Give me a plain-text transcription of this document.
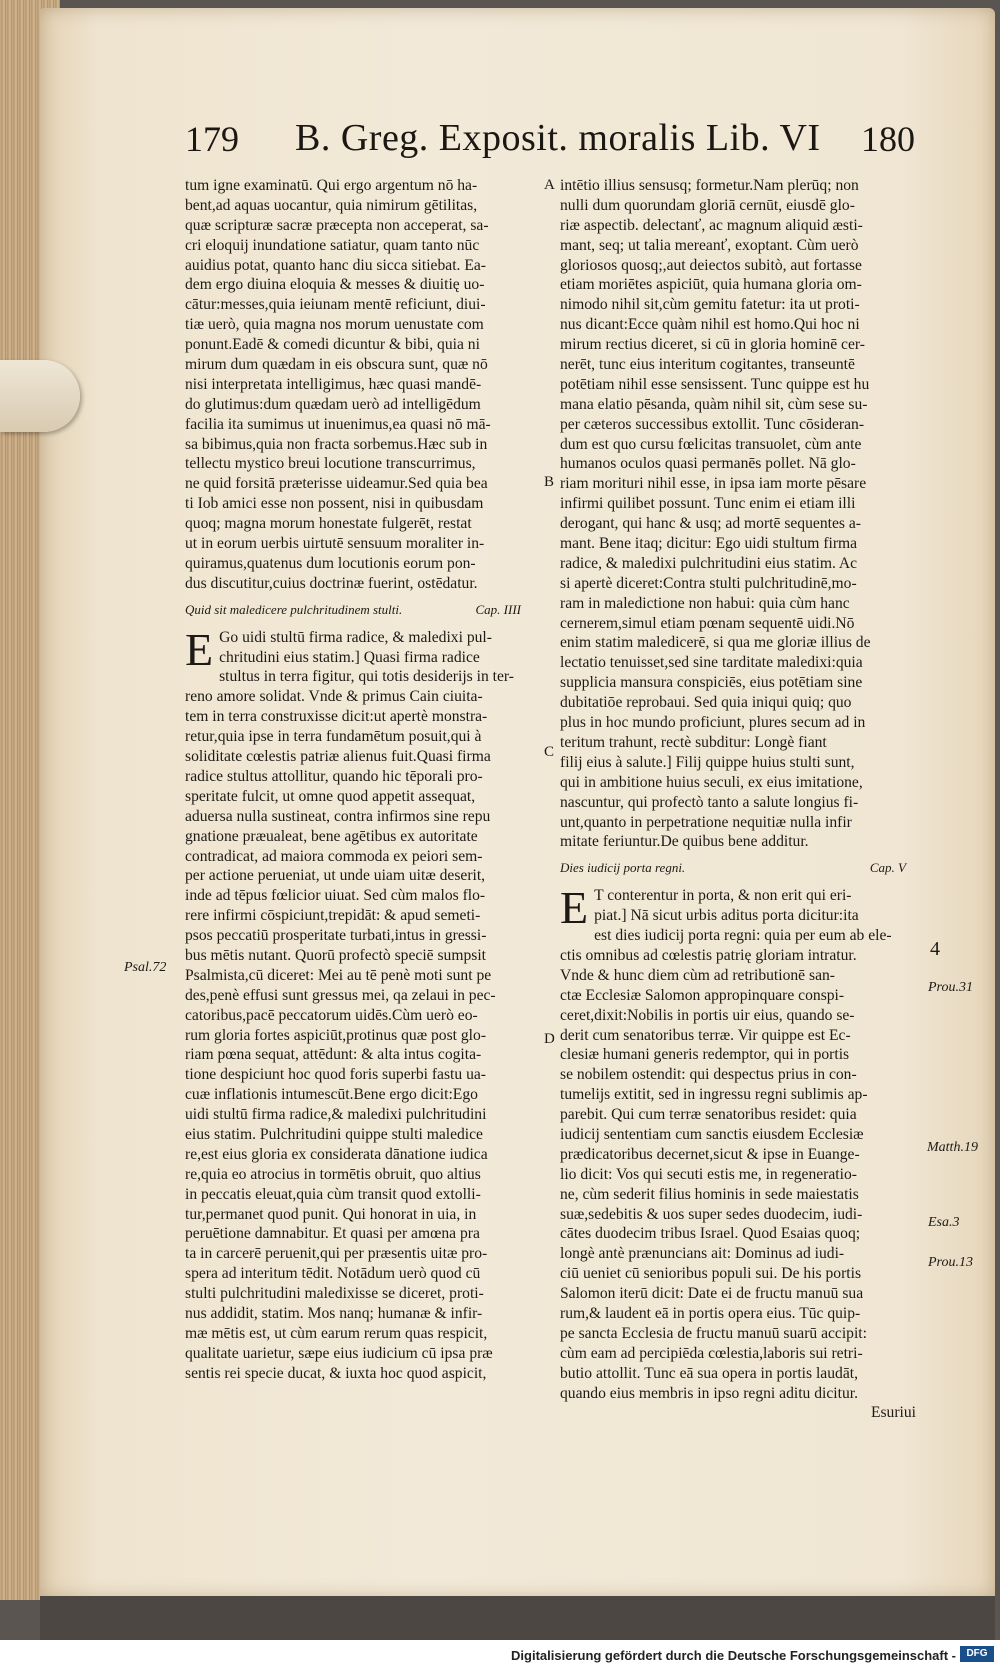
179 B. Greg. Exposit. moralis Lib. VI 180
tum igne examinatū. Qui ergo argentum nō ha-
bent,ad aquas uocantur, quia nimirum gētilitas,
quæ scripturæ sacræ præcepta non acceperat, sa-
cri eloquij inundatione satiatur, quam tanto nūc
auidius potat, quanto hanc diu sicca sitiebat. Ea-
dem ergo diuina eloquia & messes & diuitię uo-
cātur:messes,quia ieiunam mentē reficiunt, diui-
tiæ uerò, quia magna nos morum uenustate com
ponunt.Eadē & comedi dicuntur & bibi, quia ni
mirum dum quædam in eis obscura sunt, quæ nō
nisi interpretata intelligimus, hæc quasi mandē-
do glutimus:dum quædam uerò ad intelligēdum
facilia ita sumimus ut inuenimus,ea quasi nō mā-
sa bibimus,quia non fracta sorbemus.Hæc sub in
tellectu mystico breui locutione transcurrimus,
ne quid forsitā præterisse uideamur.Sed quia bea
ti Iob amici esse non possent, nisi in quibusdam
quoq; magna morum honestate fulgerēt, restat
ut in eorum uerbis uirtutē sensuum moraliter in-
quiramus,quatenus dum locutionis eorum pon-
dus discutitur,cuius doctrinæ fuerint, ostēdatur.
Quid sit maledicere pulchritudinem stulti.	Cap. IIII
E Go uidi stultū firma radice, & maledixi pul-
chritudini eius statim.] Quasi firma radice
stultus in terra figitur, qui totis desiderijs in ter-
reno amore solidat. Vnde & primus Cain ciuita-
tem in terra construxisse dicit:ut apertè monstra-
retur,quia ipse in terra fundamētum posuit,qui à
soliditate cœlestis patriæ alienus fuit.Quasi firma
radice stultus attollitur, quando hic tēporali pro-
speritate fulcit, ut omne quod appetit assequat,
aduersa nulla sustineat, contra infirmos sine repu
gnatione præualeat, bene agētibus ex autoritate
contradicat, ad maiora commoda ex peiori sem-
per actione perueniat, ut unde uiam uitæ deserit,
inde ad tēpus fœlicior uiuat. Sed cùm malos flo-
rere infirmi cōspiciunt,trepidāt: & apud semeti-
psos peccatiū prosperitate turbati,intus in gressi-
bus mētis nutant. Quorū profectò speciē sumpsit
Psalmista,cū diceret: Mei au tē penè moti sunt pe
des,penè effusi sunt gressus mei, qa zelaui in pec-
catoribus,pacē peccatorum uidēs.Cùm uerò eo-
rum gloria fortes aspiciūt,protinus quæ post glo-
riam pœna sequat, attēdunt: & alta intus cogita-
tione despiciunt hoc quod foris superbi fastu ua-
cuæ inflationis intumescūt.Bene ergo dicit:Ego
uidi stultū firma radice,& maledixi pulchritudini
eius statim. Pulchritudini quippe stulti maledice
re,est eius gloria ex considerata dānatione iudica
re,quia eo atrocius in tormētis obruit, quo altius
in peccatis eleuat,quia cùm transit quod extolli-
tur,permanet quod punit. Qui honorat in uia, in
peruētione damnabitur. Et quasi per amœna pra
ta in carcerē peruenit,qui per præsentis uitæ pro-
spera ad interitum tēdit. Notādum uerò quod cū
stulti pulchritudini maledixisse se diceret, proti-
nus addidit, statim. Mos nanq; humanæ & infir-
mæ mētis est, ut cùm earum rerum quas respicit,
qualitate uarietur, sæpe eius iudicium cū ipsa præ
sentis rei specie ducat, & iuxta hoc quod aspicit,
intētio illius sensusq; formetur.Nam plerūq; non
nulli dum quorundam gloriā cernūt, eiusdē glo-
riæ aspectib. delectanť, ac magnum aliquid æsti-
mant, seq; ut talia mereanť, exoptant. Cùm uerò
gloriosos quosq;,aut deiectos subitò, aut fortasse
etiam moriētes aspiciūt, quia humana gloria om-
nimodo nihil sit,cùm gemitu fatetur: ita ut proti-
nus dicant:Ecce quàm nihil est homo.Qui hoc ni
mirum rectius diceret, si cū in gloria hominē cer-
nerēt, tunc eius interitum cogitantes, transeuntē
potētiam nihil esse sensissent. Tunc quippe est hu
mana elatio pēsanda, quàm nihil sit, cùm sese su-
per cæteros successibus extollit. Tunc cōsideran-
dum est quo cursu fœlicitas transuolet, cùm ante
humanos oculos quasi permanēs pollet. Nā glo-
riam morituri nihil esse, in ipsa iam morte pēsare
infirmi quilibet possunt. Tunc enim ei etiam illi
derogant, qui hanc & usq; ad mortē sequentes a-
mant. Bene itaq; dicitur: Ego uidi stultum firma
radice, & maledixi pulchritudini eius statim. Ac
si apertè diceret:Contra stulti pulchritudinē,mo-
ram in maledictione non habui: quia cùm hanc
cernerem,simul etiam pœnam sequentē uidi.Nō
enim statim maledicerē, si qua me gloriæ illius de
lectatio tenuisset,sed sine tarditate maledixi:quia
supplicia mansura conspiciēs, eius potētiam sine
dubitatiōe reprobaui. Sed quia iniqui quiq; quo
plus in hoc mundo proficiunt, plures secum ad in
teritum trahunt, rectè subditur: Longè fiant
filij eius à salute.] Filij quippe huius stulti sunt,
qui in ambitione huius seculi, ex eius imitatione,
nascuntur, qui profectò tanto a salute longius fi-
unt,quanto in perpetratione nequitiæ nulla infir
mitate feriuntur.De quibus bene additur.
Dies iudicij porta regni.	Cap. V
E T conterentur in porta, & non erit qui eri-
piat.] Nā sicut urbis aditus porta dicitur:ita
est dies iudicij porta regni: quia per eum ab ele-
ctis omnibus ad cœlestis patrię gloriam intratur.
Vnde & hunc diem cùm ad retributionē san-
ctæ Ecclesiæ Salomon appropinquare conspi-
ceret,dixit:Nobilis in portis uir eius, quando se-
derit cum senatoribus terræ. Vir quippe est Ec-
clesiæ humani generis redemptor, qui in portis
se nobilem ostendit: qui despectus prius in con-
tumelijs extitit, sed in ingressu regni sublimis ap-
parebit. Qui cum terræ senatoribus residet: quia
iudicij sententiam cum sanctis eiusdem Ecclesiæ
prædicatoribus decernet,sicut & ipse in Euange-
lio dicit: Vos qui secuti estis me, in regeneratio-
ne, cùm sederit filius hominis in sede maiestatis
suæ,sedebitis & uos super sedes duodecim, iudi-
cātes duodecim tribus Israel. Quod Esaias quoq;
longè antè prænuncians ait: Dominus ad iudi-
ciū ueniet cū senioribus populi sui. De his portis
Salomon iterū dicit: Date ei de fructu manuū sua
rum,& laudent eā in portis opera eius. Tūc quip-
pe sancta Ecclesia de fructu manuū suarū accipit:
cùm eam ad percipiēda cœlestia,laboris sui retri-
butio attollit. Tunc eā sua opera in portis laudāt,
quando eius membris in ipso regni aditu dicitur.
Esuriui
A
B
C
D
Psal.72
4
Prou.31
Matth.19
Esa.3
Prou.13
Digitalisierung gefördert durch die Deutsche Forschungsgemeinschaft -	DFG
